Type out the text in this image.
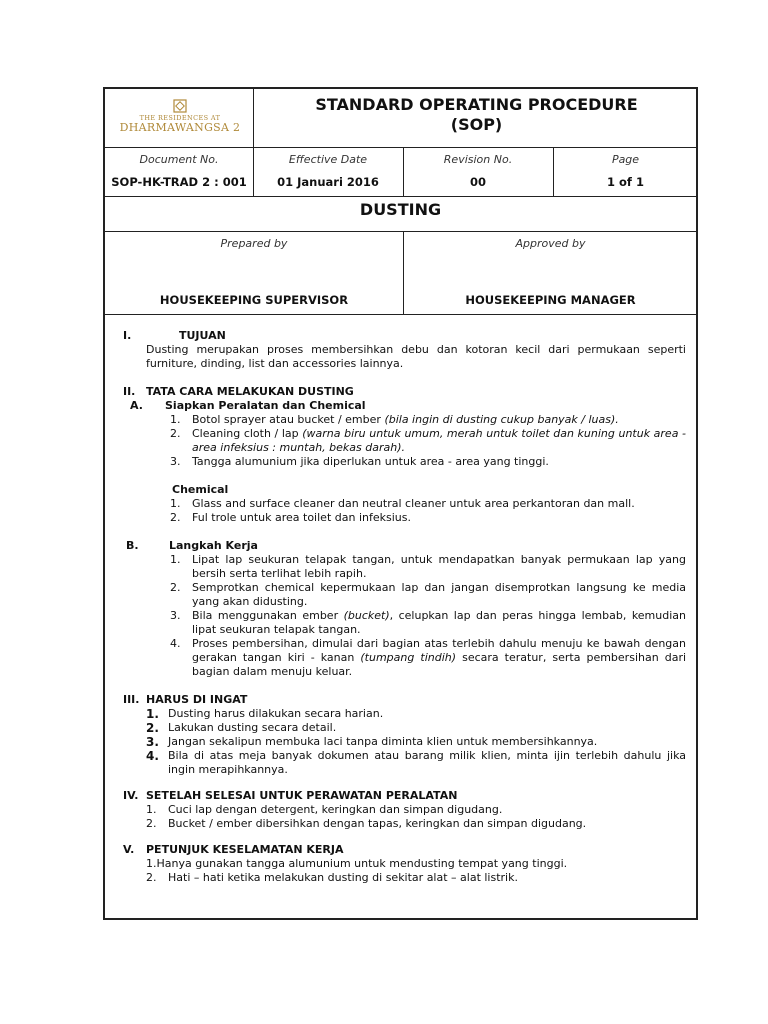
THE RESIDENCES AT
DHARMAWANGSA 2
STANDARD OPERATING PROCEDURE
(SOP)
Document No.
SOP-HK-TRAD 2 : 001
Effective Date
01 Januari 2016
Revision No.
00
Page
1 of 1
DUSTING
Prepared by
HOUSEKEEPING SUPERVISOR
Approved by
HOUSEKEEPING MANAGER
I.	TUJUAN
Dusting merupakan proses membersihkan debu dan kotoran kecil dari permukaan seperti furniture, dinding, list dan accessories lainnya.
II. TATA CARA MELAKUKAN DUSTING
A. Siapkan Peralatan dan Chemical
1. Botol sprayer atau bucket / ember (bila ingin di dusting cukup banyak / luas).
2. Cleaning cloth / lap (warna biru untuk umum, merah untuk toilet dan kuning untuk area - area infeksius : muntah, bekas darah).
3. Tangga alumunium jika diperlukan untuk area - area yang tinggi.
Chemical
1. Glass and surface cleaner dan neutral cleaner untuk area perkantoran dan mall.
2. Ful trole untuk area toilet dan infeksius.
B.	Langkah Kerja
1. Lipat lap seukuran telapak tangan, untuk mendapatkan banyak permukaan lap yang bersih serta terlihat lebih rapih.
2. Semprotkan chemical kepermukaan lap dan jangan disemprotkan langsung ke media yang akan didusting.
3. Bila menggunakan ember (bucket), celupkan lap dan peras hingga lembab, kemudian lipat seukuran telapak tangan.
4. Proses pembersihan, dimulai dari bagian atas terlebih dahulu menuju ke bawah dengan gerakan tangan kiri - kanan (tumpang tindih) secara teratur, serta pembersihan dari bagian dalam menuju keluar.
III. HARUS DI INGAT
1. Dusting harus dilakukan secara harian.
2. Lakukan dusting secara detail.
3. Jangan sekalipun membuka laci tanpa diminta klien untuk membersihkannya.
4. Bila di atas meja banyak dokumen atau barang milik klien, minta ijin terlebih dahulu jika ingin merapihkannya.
IV. SETELAH SELESAI UNTUK PERAWATAN PERALATAN
1. Cuci lap dengan detergent, keringkan dan simpan digudang.
2. Bucket / ember dibersihkan dengan tapas, keringkan dan simpan digudang.
V. PETUNJUK KESELAMATAN KERJA
1.Hanya gunakan tangga alumunium untuk mendusting tempat yang tinggi.
2. Hati – hati ketika melakukan dusting di sekitar alat – alat listrik.
